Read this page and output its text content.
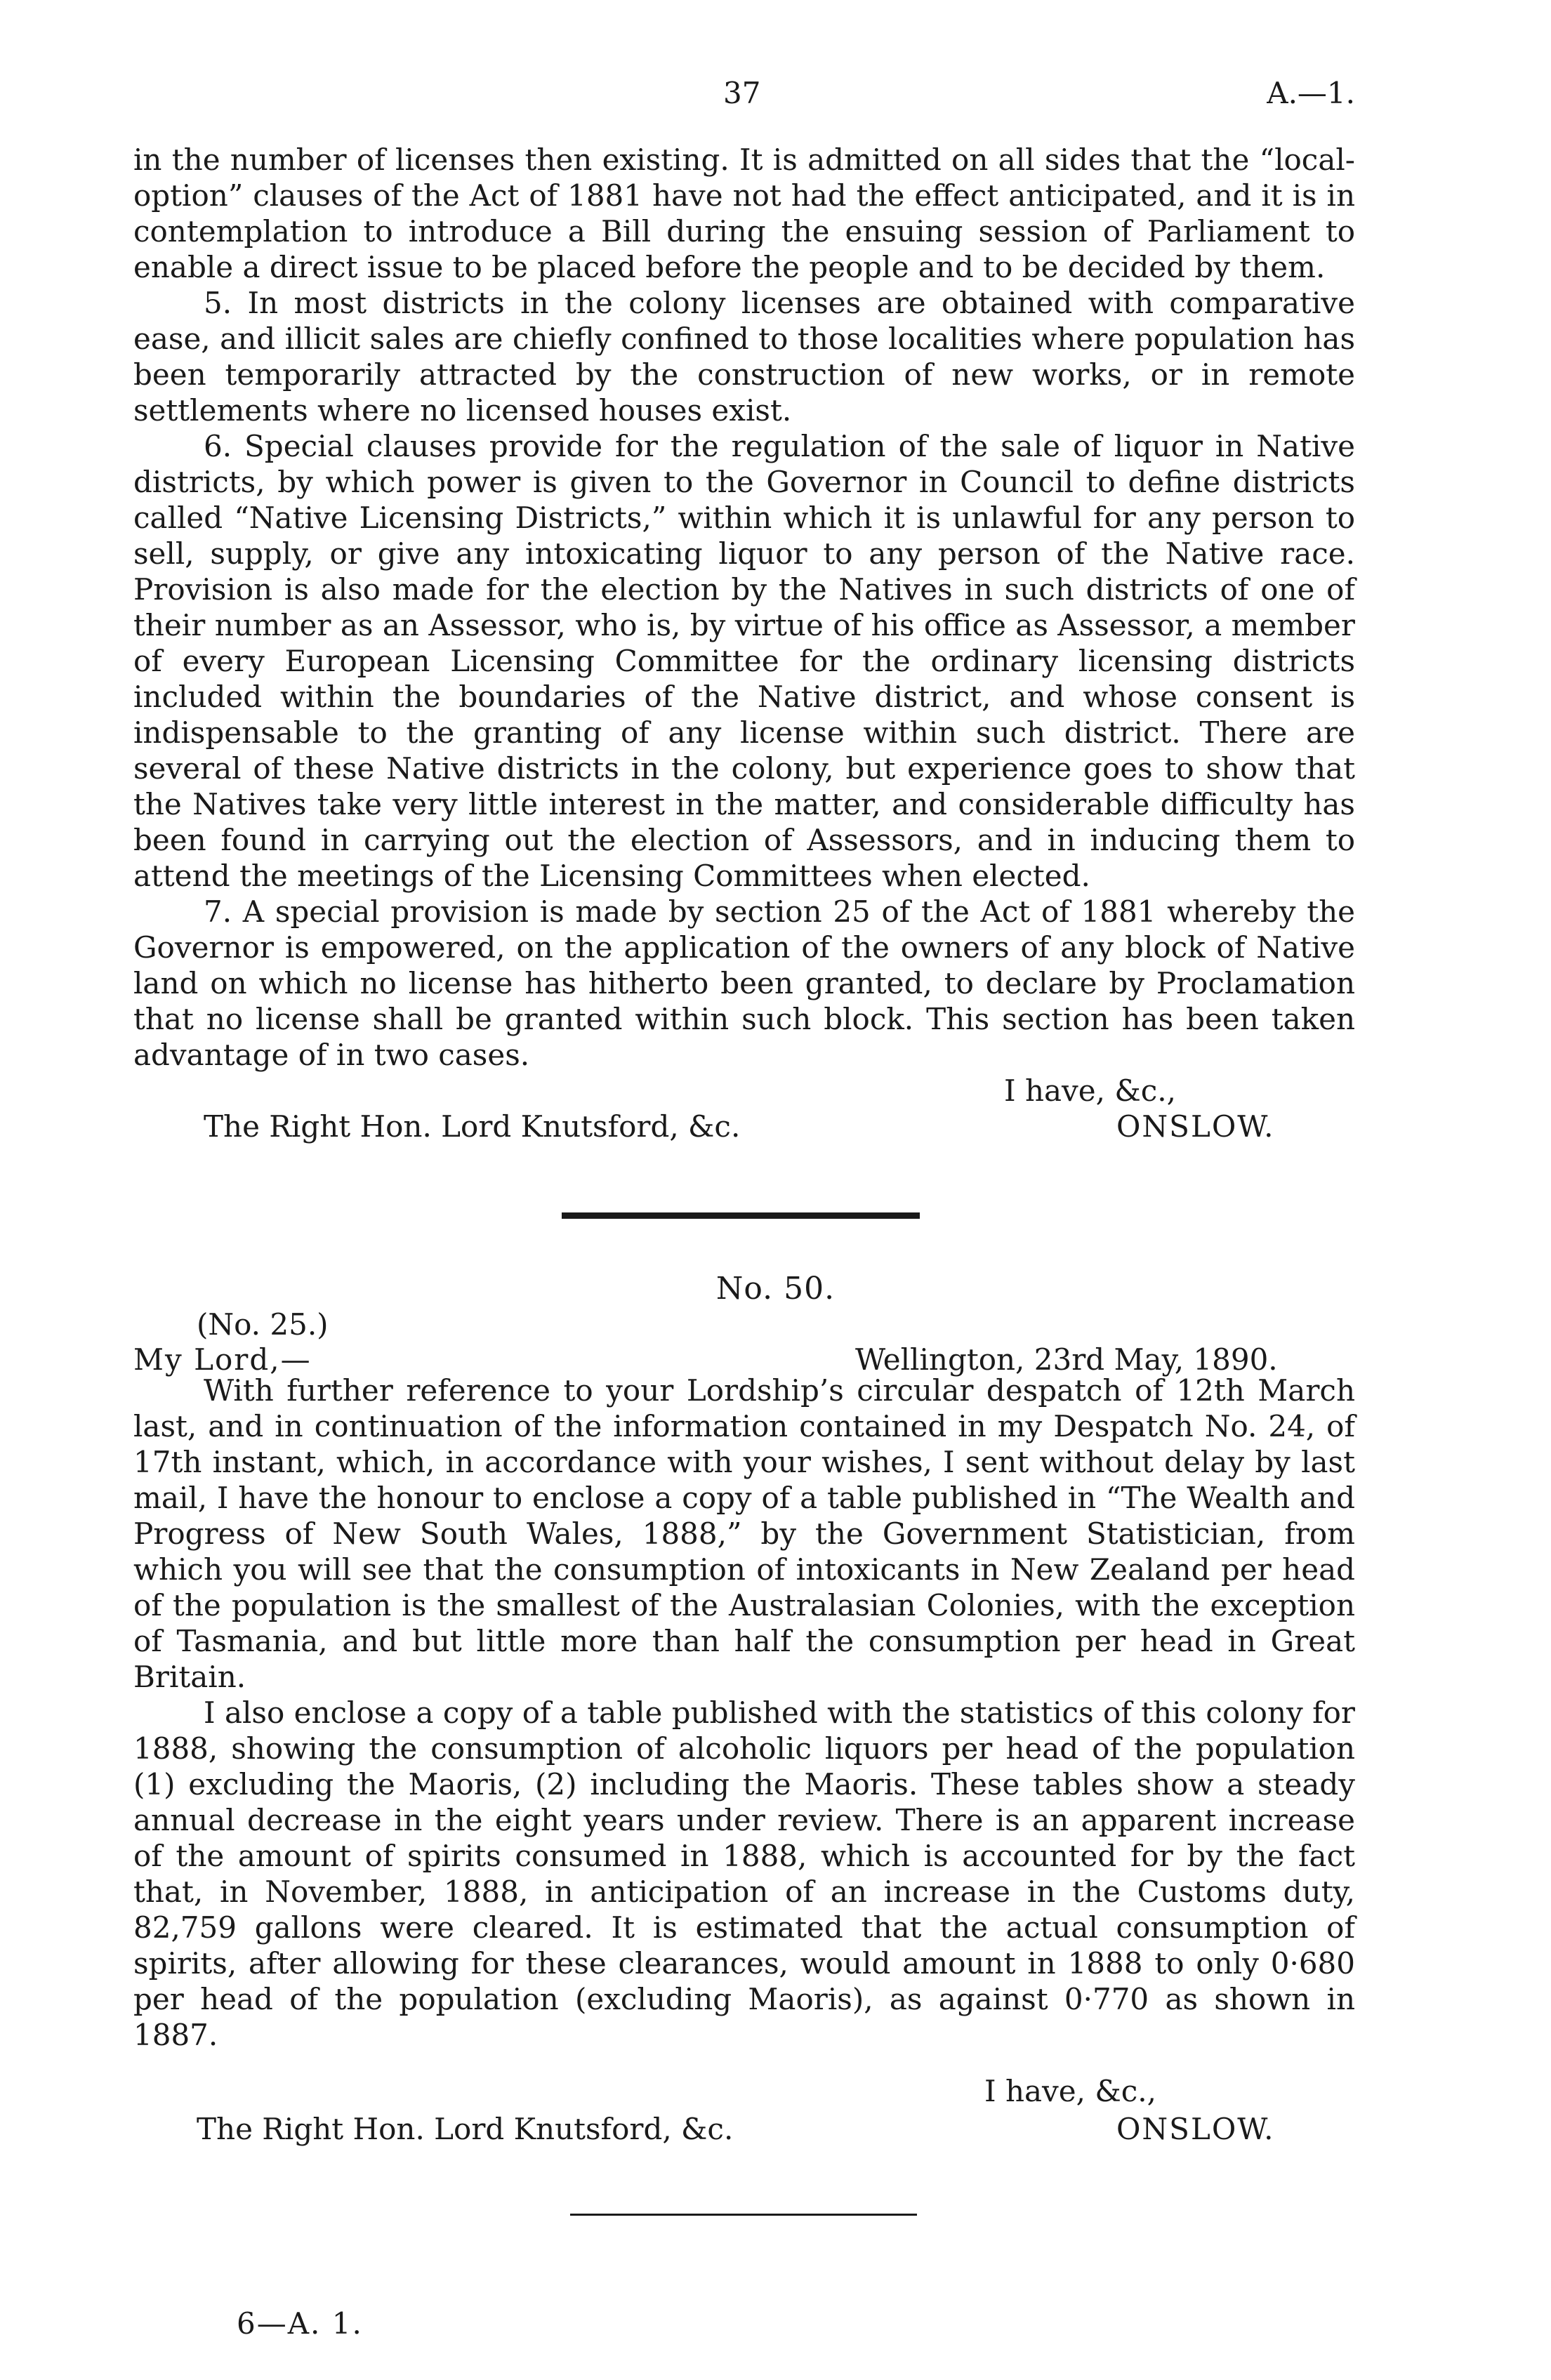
37	A.—1.

in the number of licenses then existing. It is admitted on all sides that the “local-option” clauses of the Act of 1881 have not had the effect anticipated, and it is in contemplation to introduce a Bill during the ensuing session of Parliament to enable a direct issue to be placed before the people and to be decided by them.

5. In most districts in the colony licenses are obtained with comparative ease, and illicit sales are chiefly confined to those localities where population has been temporarily attracted by the construction of new works, or in remote settlements where no licensed houses exist.

6. Special clauses provide for the regulation of the sale of liquor in Native districts, by which power is given to the Governor in Council to define districts called “Native Licensing Districts,” within which it is unlawful for any person to sell, supply, or give any intoxicating liquor to any person of the Native race. Provision is also made for the election by the Natives in such districts of one of their number as an Assessor, who is, by virtue of his office as Assessor, a member of every European Licensing Committee for the ordinary licensing districts included within the boundaries of the Native district, and whose consent is indispensable to the granting of any license within such district. There are several of these Native districts in the colony, but experience goes to show that the Natives take very little interest in the matter, and considerable difficulty has been found in carrying out the election of Assessors, and in inducing them to attend the meetings of the Licensing Committees when elected.

7. A special provision is made by section 25 of the Act of 1881 whereby the Governor is empowered, on the application of the owners of any block of Native land on which no license has hitherto been granted, to declare by Proclamation that no license shall be granted within such block. This section has been taken advantage of in two cases.

I have, &c.,
The Right Hon. Lord Knutsford, &c.	ONSLOW.
No. 50.
(No. 25.)
My Lord,—	Wellington, 23rd May, 1890.

With further reference to your Lordship’s circular despatch of 12th March last, and in continuation of the information contained in my Despatch No. 24, of 17th instant, which, in accordance with your wishes, I sent without delay by last mail, I have the honour to enclose a copy of a table published in “The Wealth and Progress of New South Wales, 1888,” by the Government Statistician, from which you will see that the consumption of intoxicants in New Zealand per head of the population is the smallest of the Australasian Colonies, with the exception of Tasmania, and but little more than half the consumption per head in Great Britain.

I also enclose a copy of a table published with the statistics of this colony for 1888, showing the consumption of alcoholic liquors per head of the population (1) excluding the Maoris, (2) including the Maoris. These tables show a steady annual decrease in the eight years under review. There is an apparent increase of the amount of spirits consumed in 1888, which is accounted for by the fact that, in November, 1888, in anticipation of an increase in the Customs duty, 82,759 gallons were cleared. It is estimated that the actual consumption of spirits, after allowing for these clearances, would amount in 1888 to only 0·680 per head of the population (excluding Maoris), as against 0·770 as shown in 1887.

I have, &c.,
The Right Hon. Lord Knutsford, &c.	ONSLOW.
6—A. 1.
